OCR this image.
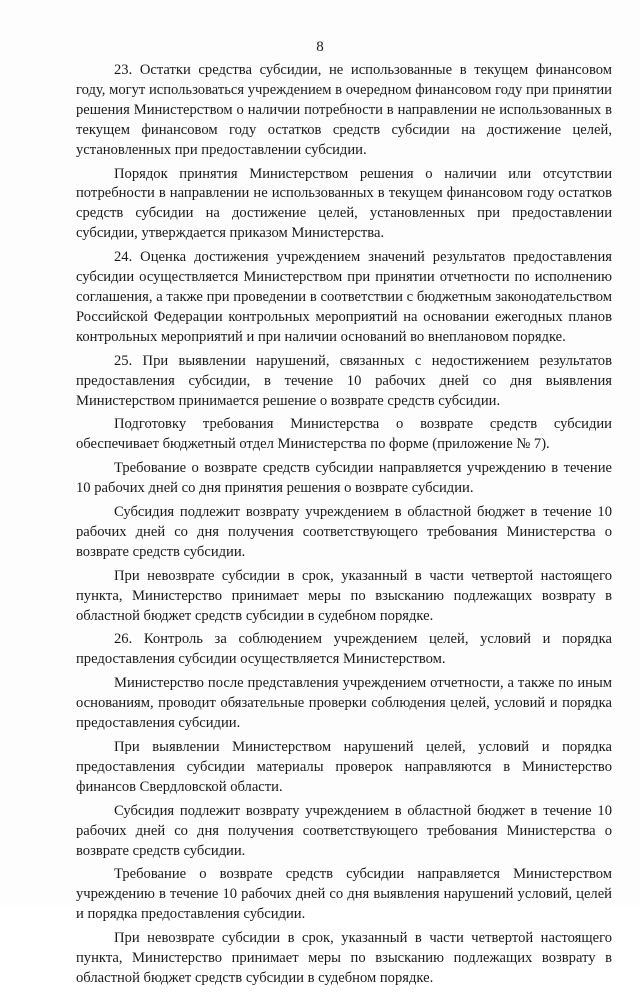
8

23. Остатки средства субсидии, не использованные в текущем финансовом году, могут использоваться учреждением в очередном финансовом году при принятии решения Министерством о наличии потребности в направлении не использованных в текущем финансовом году остатков средств субсидии на достижение целей, установленных при предоставлении субсидии.

Порядок принятия Министерством решения о наличии или отсутствии потребности в направлении не использованных в текущем финансовом году остатков средств субсидии на достижение целей, установленных при предоставлении субсидии, утверждается приказом Министерства.

24. Оценка достижения учреждением значений результатов предоставления субсидии осуществляется Министерством при принятии отчетности по исполнению соглашения, а также при проведении в соответствии с бюджетным законодательством Российской Федерации контрольных мероприятий на основании ежегодных планов контрольных мероприятий и при наличии оснований во внеплановом порядке.

25. При выявлении нарушений, связанных с недостижением результатов предоставления субсидии, в течение 10 рабочих дней со дня выявления Министерством принимается решение о возврате средств субсидии.

Подготовку требования Министерства о возврате средств субсидии обеспечивает бюджетный отдел Министерства по форме (приложение № 7).

Требование о возврате средств субсидии направляется учреждению в течение 10 рабочих дней со дня принятия решения о возврате субсидии.

Субсидия подлежит возврату учреждением в областной бюджет в течение 10 рабочих дней со дня получения соответствующего требования Министерства о возврате средств субсидии.

При невозврате субсидии в срок, указанный в части четвертой настоящего пункта, Министерство принимает меры по взысканию подлежащих возврату в областной бюджет средств субсидии в судебном порядке.

26. Контроль за соблюдением учреждением целей, условий и порядка предоставления субсидии осуществляется Министерством.

Министерство после представления учреждением отчетности, а также по иным основаниям, проводит обязательные проверки соблюдения целей, условий и порядка предоставления субсидии.

При выявлении Министерством нарушений целей, условий и порядка предоставления субсидии материалы проверок направляются в Министерство финансов Свердловской области.

Субсидия подлежит возврату учреждением в областной бюджет в течение 10 рабочих дней со дня получения соответствующего требования Министерства о возврате средств субсидии.

Требование о возврате средств субсидии направляется Министерством учреждению в течение 10 рабочих дней со дня выявления нарушений условий, целей и порядка предоставления субсидии.

При невозврате субсидии в срок, указанный в части четвертой настоящего пункта, Министерство принимает меры по взысканию подлежащих возврату в областной бюджет средств субсидии в судебном порядке.
